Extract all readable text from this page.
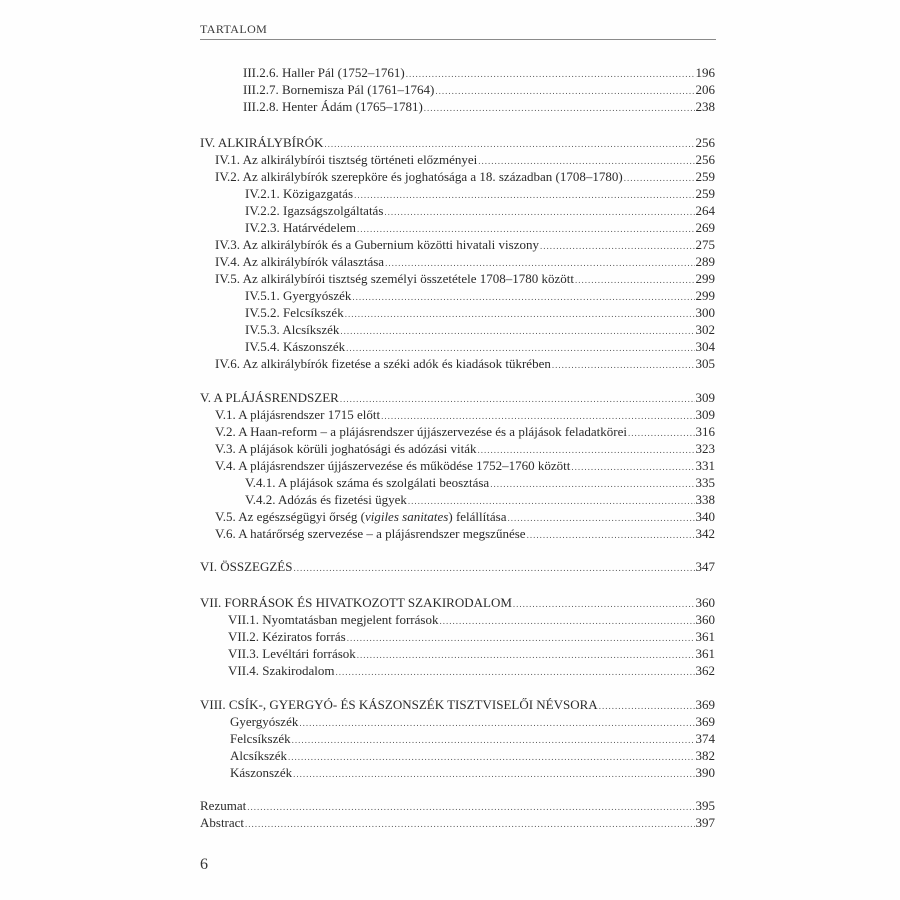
TARTALOM
III.2.6. Haller Pál (1752–1761) .....	196
III.2.7. Bornemisza Pál (1761–1764) .....	206
III.2.8. Henter Ádám (1765–1781) .....	238
IV. ALKIRÁLYBÍRÓK .....	256
IV.1. Az alkirálybírói tisztség történeti előzményei .....	256
IV.2. Az alkirálybírók szerepköre és joghatósága a 18. században (1708–1780) .....	259
IV.2.1. Közigazgatás .....	259
IV.2.2. Igazságszolgáltatás .....	264
IV.2.3. Határvédelem .....	269
IV.3. Az alkirálybírók és a Gubernium közötti hivatali viszony .....	275
IV.4. Az alkirálybírók választása .....	289
IV.5. Az alkirálybírói tisztség személyi összetétele 1708–1780 között .....	299
IV.5.1. Gyergyószék .....	299
IV.5.2. Felcsíkszék .....	300
IV.5.3. Alcsíkszék .....	302
IV.5.4. Kászonszék .....	304
IV.6. Az alkirálybírók fizetése a széki adók és kiadások tükrében .....	305
V. A PLÁJÁSRENDSZER .....	309
V.1. A plájásrendszer 1715 előtt .....	309
V.2. A Haan-reform – a plájásrendszer újjászervezése és a plájások feladatkörei .....	316
V.3. A plájások körüli joghatósági és adózási viták .....	323
V.4. A plájásrendszer újjászervezése és működése 1752–1760 között .....	331
V.4.1. A plájások száma és szolgálati beosztása .....	335
V.4.2. Adózás és fizetési ügyek .....	338
V.5. Az egészségügyi őrség (vigiles sanitates) felállítása .....	340
V.6. A határőrség szervezése – a plájásrendszer megszűnése .....	342
VI. ÖSSZEGZÉS .....	347
VII. FORRÁSOK ÉS HIVATKOZOTT SZAKIRODALOM .....	360
VII.1. Nyomtatásban megjelent források .....	360
VII.2. Kéziratos forrás .....	361
VII.3. Levéltári források .....	361
VII.4. Szakirodalom .....	362
VIII. CSÍK-, GYERGYÓ- ÉS KÁSZONSZÉK TISZTVISELŐI NÉVSORA .....	369
Gyergyószék .....	369
Felcsíkszék .....	374
Alcsíkszék .....	382
Kászonszék .....	390
Rezumat .....	395
Abstract .....	397
6
